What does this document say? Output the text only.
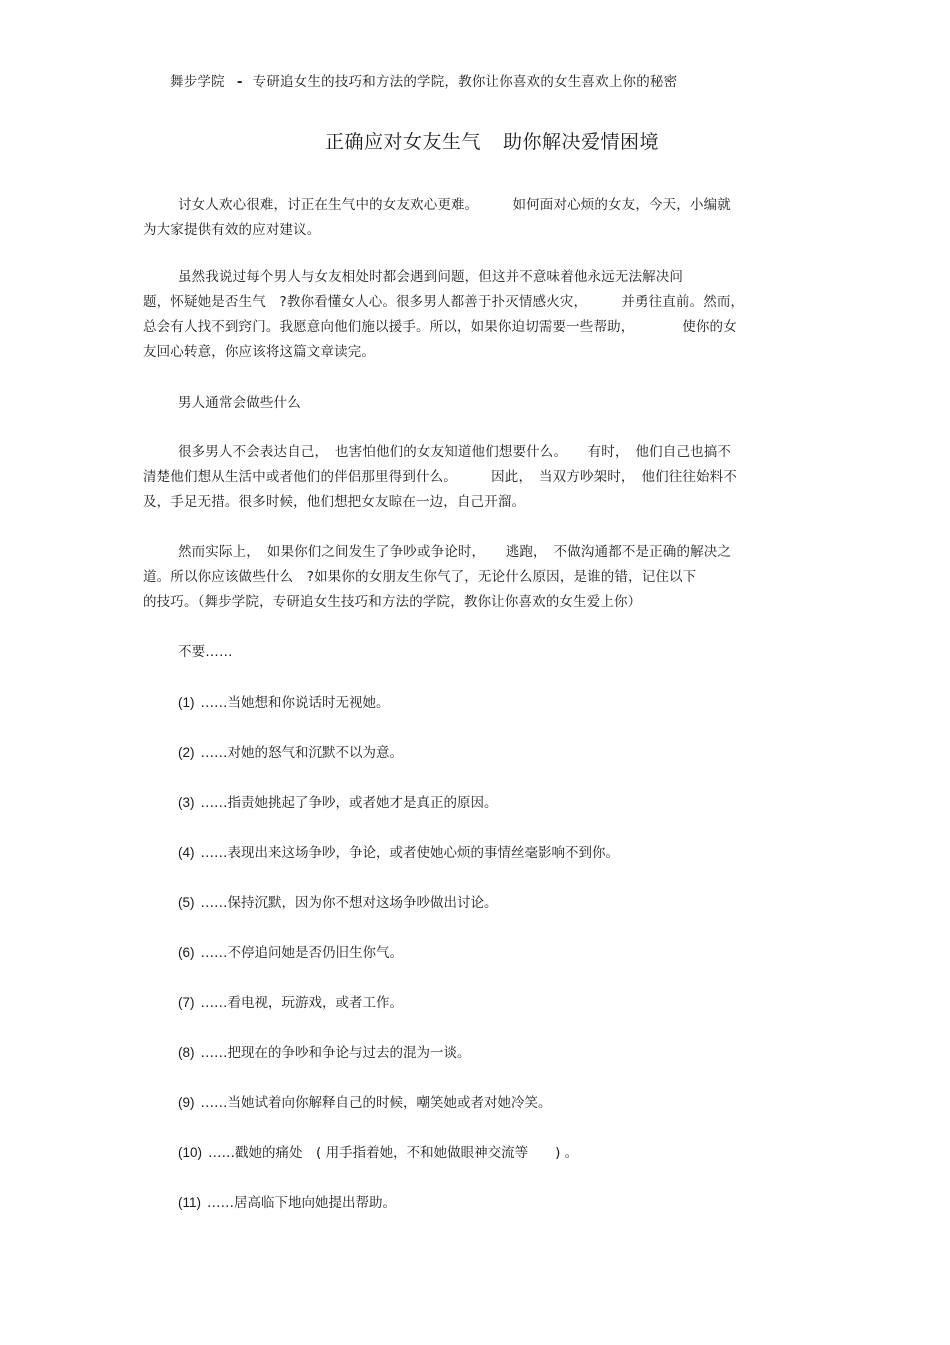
舞步学院 - 专研追女生的技巧和方法的学院，教你让你喜欢的女生喜欢上你的秘密
正确应对女友生气 助你解决爱情困境
讨女人欢心很难，讨正在生气中的女友欢心更难。　　　如何面对心烦的女友，今天，小编就
为大家提供有效的应对建议。
虽然我说过每个男人与女友相处时都会遇到问题，但这并不意味着他永远无法解决问
题，怀疑她是否生气　?教你看懂女人心。很多男人都善于扑灭情感火灾，　　　并勇往直前。然而，
总会有人找不到窍门。我愿意向他们施以援手。所以，如果你迫切需要一些帮助，　　　　使你的女
友回心转意，你应该将这篇文章读完。
男人通常会做些什么
很多男人不会表达自己，　也害怕他们的女友知道他们想要什么。　　有时，　他们自己也搞不
清楚他们想从生活中或者他们的伴侣那里得到什么。　　　因此，　当双方吵架时，　他们往往始料不
及，手足无措。很多时候，他们想把女友晾在一边，自己开溜。
然而实际上，　如果你们之间发生了争吵或争论时，　　逃跑，　不做沟通都不是正确的解决之
道。所以你应该做些什么　?如果你的女朋友生你气了，无论什么原因，是谁的错，记住以下
的技巧。（舞步学院，专研追女生技巧和方法的学院，教你让你喜欢的女生爱上你）
不要……
(1) ……当她想和你说话时无视她。
(2) ……对她的怒气和沉默不以为意。
(3) ……指责她挑起了争吵，或者她才是真正的原因。
(4) ……表现出来这场争吵，争论，或者使她心烦的事情丝毫影响不到你。
(5) ……保持沉默，因为你不想对这场争吵做出讨论。
(6) ……不停追问她是否仍旧生你气。
(7) ……看电视，玩游戏，或者工作。
(8) ……把现在的争吵和争论与过去的混为一谈。
(9) ……当她试着向你解释自己的时候，嘲笑她或者对她冷笑。
(10) ……戳她的痛处　( 用手指着她，不和她做眼神交流等　　) 。
(11) ……居高临下地向她提出帮助。
